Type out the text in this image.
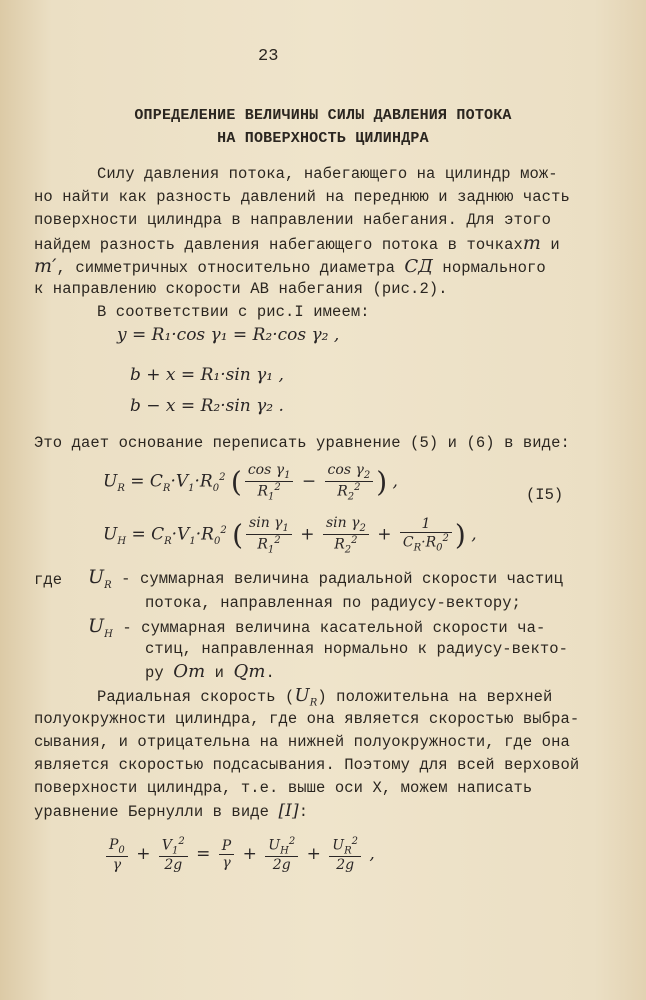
23
ОПРЕДЕЛЕНИЕ ВЕЛИЧИНЫ СИЛЫ ДАВЛЕНИЯ ПОТОКА
НА ПОВЕРХНОСТЬ ЦИЛИНДРА
Силу давления потока, набегающего на цилиндр мож-
но найти как разность давлений на переднюю и заднюю часть
поверхности цилиндра в направлении набегания. Для этого
найдем разность давления набегающего потока в точкахm и
m′, симметричных относительно диаметра CД нормального
к направлению скорости АВ набегания (рис.2).
В соответствии с рис.I имеем:
y = R₁·cos γ₁ = R₂·cos γ₂ ,
b + x = R₁·sin γ₁ ,
b − x = R₂·sin γ₂ .
Это дает основание переписать уравнение (5) и (6) в виде:
$U_R = C_R\cdot V_1\cdot R_0^2$ ( $\frac{\cos \gamma_1}{R_1^2} - \frac{\cos \gamma_2}{R_2^2}$ ) ,
$U_H = C_R\cdot V_1\cdot R_0^2$ ( $\frac{\sin \gamma_1}{R_1^2} + \frac{\sin \gamma_2}{R_2^2} + \frac{1}{C_R\cdot R_0^2}$ ) ,
(I5)
где $U_R$ - суммарная величина радиальной скорости частиц
потока, направленная по радиусу-вектору;
$U_H$ - суммарная величина касательной скорости ча-
стиц, направленная нормально к радиусу-векто-
ру Om и Qm.
Радиальная скорость $(U_R)$ положительна на верхней
полуокружности цилиндра, где она является скоростью выбра-
сывания, и отрицательна на нижней полуокружности, где она
является скоростью подсасывания. Поэтому для всей верховой
поверхности цилиндра, т.е. выше оси Х, можем написать
уравнение Бернулли в виде [I]:
$\frac{P_0}{\gamma} + \frac{V_1^2}{2g} = \frac{P}{\gamma} + \frac{U_H^2}{2g} + \frac{U_R^2}{2g}$ ,
